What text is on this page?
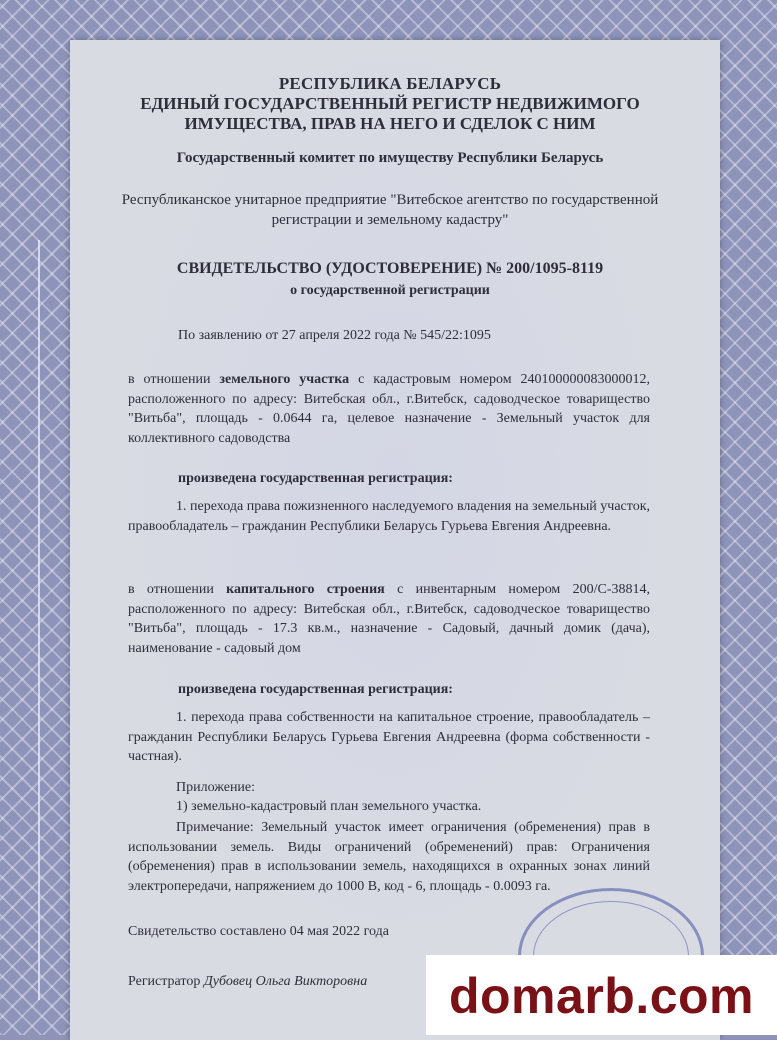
РЕСПУБЛИКА БЕЛАРУСЬ
ЕДИНЫЙ ГОСУДАРСТВЕННЫЙ РЕГИСТР НЕДВИЖИМОГО
ИМУЩЕСТВА, ПРАВ НА НЕГО И СДЕЛОК С НИМ
Государственный комитет по имуществу Республики Беларусь
Республиканское унитарное предприятие "Витебское агентство по государственной регистрации и земельному кадастру"
СВИДЕТЕЛЬСТВО (УДОСТОВЕРЕНИЕ) № 200/1095-8119
о государственной регистрации
По заявлению от 27 апреля 2022 года № 545/22:1095
в отношении земельного участка с кадастровым номером 240100000083000012, расположенного по адресу: Витебская обл., г.Витебск, садоводческое товарищество "Витьба", площадь - 0.0644 га, целевое назначение - Земельный участок для коллективного садоводства
произведена государственная регистрация:
1. перехода права пожизненного наследуемого владения на земельный участок, правообладатель – гражданин Республики Беларусь Гурьева Евгения Андреевна.
в отношении капитального строения с инвентарным номером 200/С-38814, расположенного по адресу: Витебская обл., г.Витебск, садоводческое товарищество "Витьба", площадь - 17.3 кв.м., назначение - Садовый, дачный домик (дача), наименование - садовый дом
произведена государственная регистрация:
1. перехода права собственности на капитальное строение, правообладатель – гражданин Республики Беларусь Гурьева Евгения Андреевна (форма собственности - частная).
Приложение:
1) земельно-кадастровый план земельного участка.
Примечание: Земельный участок имеет ограничения (обременения) прав в использовании земель. Виды ограничений (обременений) прав: Ограничения (обременения) прав в использовании земель, находящихся в охранных зонах линий электропередачи, напряжением до 1000 В, код - 6, площадь - 0.0093 га.
Свидетельство составлено 04 мая 2022 года
Регистратор Дубовец Ольга Викторовна	domarb.com
